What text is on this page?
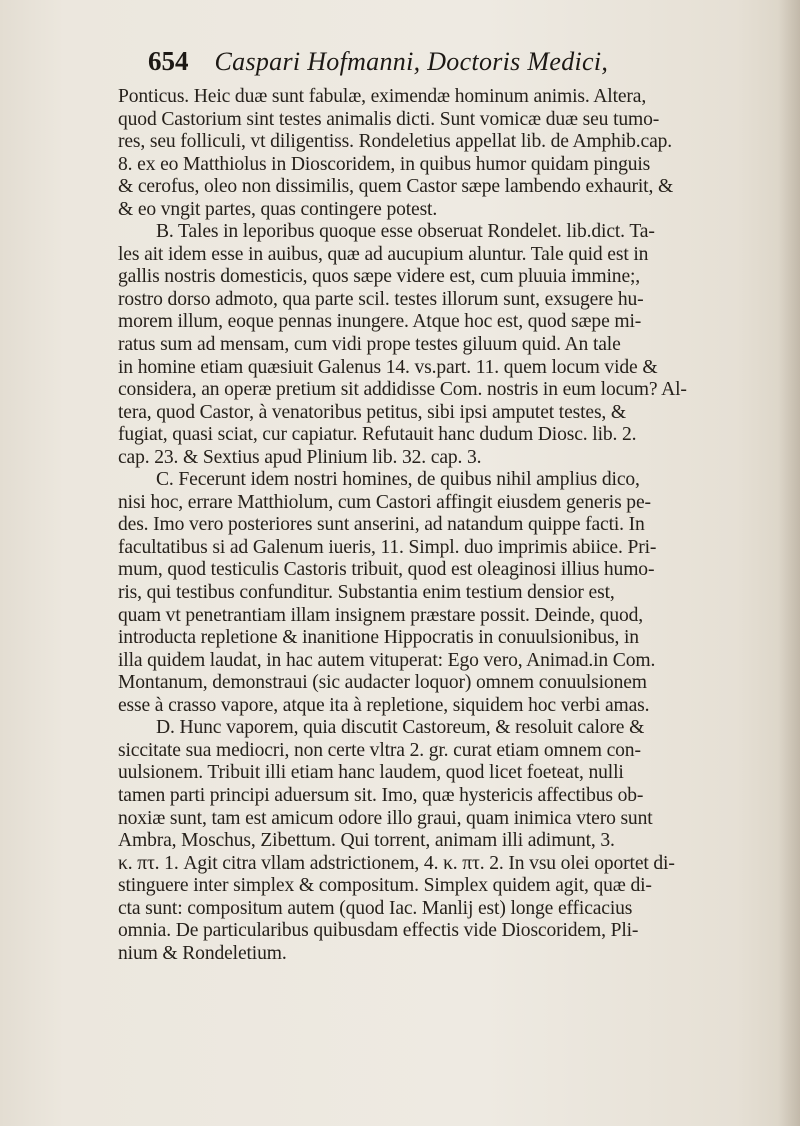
654 Caspari Hofmanni, Doctoris Medici,
Ponticus. Heic duæ sunt fabulæ, eximendæ hominum animis. Altera,
quod Castorium sint testes animalis dicti. Sunt vomicæ duæ seu tumo-
res, seu folliculi, vt diligentiss. Rondeletius appellat lib. de Amphib.cap.
8. ex eo Matthiolus in Dioscoridem, in quibus humor quidam pinguis
& cerofus, oleo non dissimilis, quem Castor sæpe lambendo exhaurit, &
& eo vngit partes, quas contingere potest.
B. Tales in leporibus quoque esse obseruat Rondelet. lib.dict. Ta-
les ait idem esse in auibus, quæ ad aucupium aluntur. Tale quid est in
gallis nostris domesticis, quos sæpe videre est, cum pluuia immine;,
rostro dorso admoto, qua parte scil. testes illorum sunt, exsugere hu-
morem illum, eoque pennas inungere. Atque hoc est, quod sæpe mi-
ratus sum ad mensam, cum vidi prope testes giluum quid. An tale
in homine etiam quæsiuit Galenus 14. vs.part. 11. quem locum vide &
considera, an operæ pretium sit addidisse Com. nostris in eum locum? Al-
tera, quod Castor, à venatoribus petitus, sibi ipsi amputet testes, &
fugiat, quasi sciat, cur capiatur. Refutauit hanc dudum Diosc. lib. 2.
cap. 23. & Sextius apud Plinium lib. 32. cap. 3.
C. Fecerunt idem nostri homines, de quibus nihil amplius dico,
nisi hoc, errare Matthiolum, cum Castori affingit eiusdem generis pe-
des. Imo vero posteriores sunt anserini, ad natandum quippe facti. In
facultatibus si ad Galenum iueris, 11. Simpl. duo imprimis abiice. Pri-
mum, quod testiculis Castoris tribuit, quod est oleaginosi illius humo-
ris, qui testibus confunditur. Substantia enim testium densior est,
quam vt penetrantiam illam insignem præstare possit. Deinde, quod,
introducta repletione & inanitione Hippocratis in conuulsionibus, in
illa quidem laudat, in hac autem vituperat: Ego vero, Animad.in Com.
Montanum, demonstraui (sic audacter loquor) omnem conuulsionem
esse à crasso vapore, atque ita à repletione, siquidem hoc verbi amas.
D. Hunc vaporem, quia discutit Castoreum, & resoluit calore &
siccitate sua mediocri, non certe vltra 2. gr. curat etiam omnem con-
uulsionem. Tribuit illi etiam hanc laudem, quod licet foeteat, nulli
tamen parti principi aduersum sit. Imo, quæ hystericis affectibus ob-
noxiæ sunt, tam est amicum odore illo graui, quam inimica vtero sunt
Ambra, Moschus, Zibettum. Qui torrent, animam illi adimunt, 3.
κ. πτ. 1. Agit citra vllam adstrictionem, 4. κ. πτ. 2. In vsu olei oportet di-
stinguere inter simplex & compositum. Simplex quidem agit, quæ di-
cta sunt: compositum autem (quod Iac. Manlij est) longe efficacius
omnia. De particularibus quibusdam effectis vide Dioscoridem, Pli-
nium & Rondeletium.
